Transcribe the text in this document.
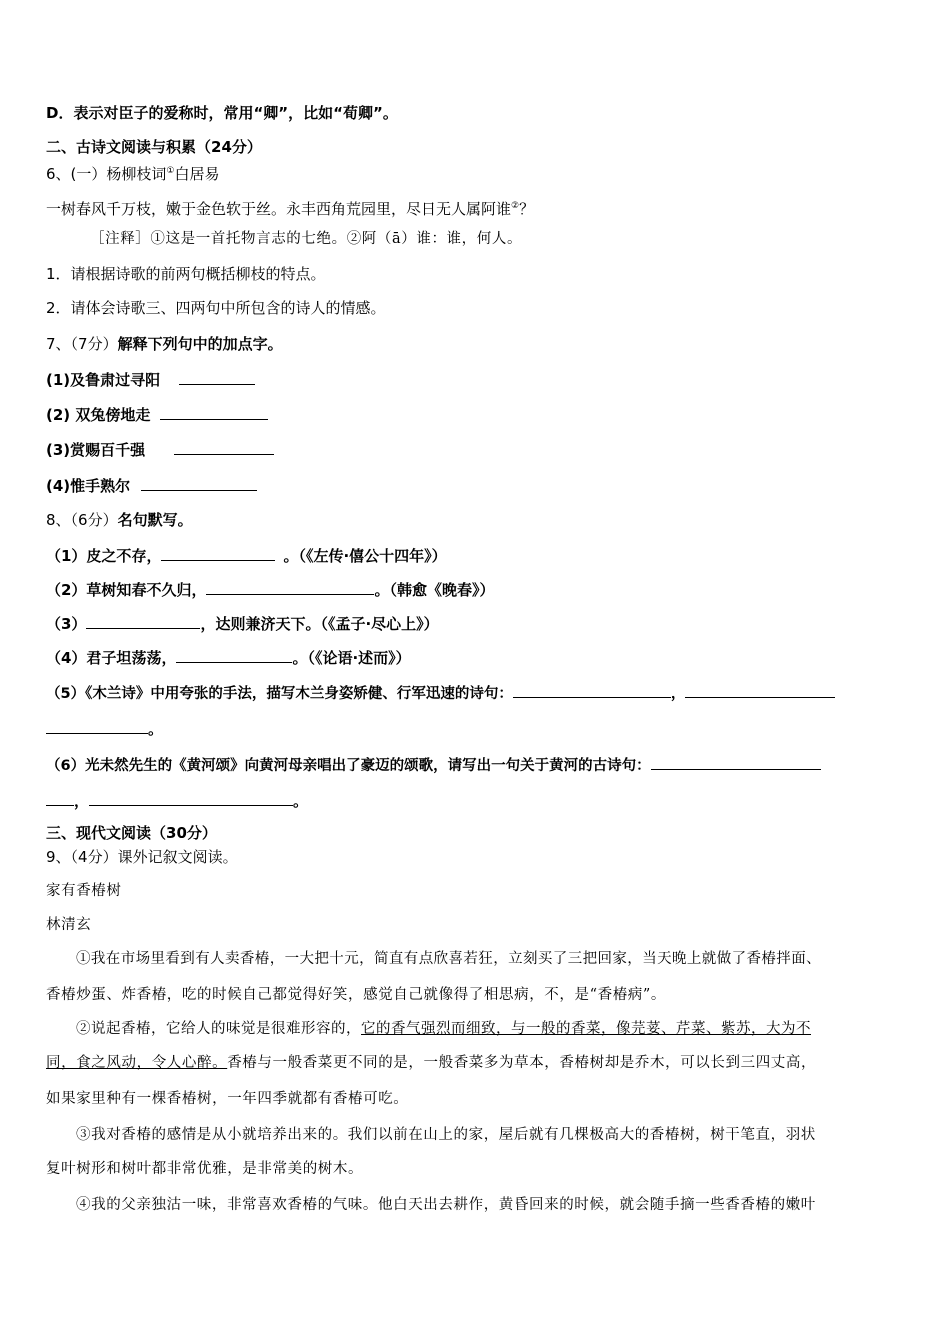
D．表示对臣子的爱称时，常用“卿”，比如“荀卿”。
二、古诗文阅读与积累（24分）
6、(一）杨柳枝词①白居易
一树春风千万枝，嫩于金色软于丝。永丰西角荒园里，尽日无人属阿谁②？
［注释］①这是一首托物言志的七绝。②阿（ā）谁：谁，何人。
1．请根据诗歌的前两句概括柳枝的特点。
2．请体会诗歌三、四两句中所包含的诗人的情感。
7、（7分）解释下列句中的加点字。
(1)及鲁肃过寻阳
(2) 双兔傍地走
(3)赏赐百千强
(4)惟手熟尔
8、（6分）名句默写。
（1）皮之不存，	。（《左传·僖公十四年》）
（2）草树知春不久归，	。（韩愈《晚春》）
（3）	，达则兼济天下。（《孟子·尽心上》）
（4）君子坦荡荡，	。（《论语·述而》）
（5）《木兰诗》中用夸张的手法，描写木兰身姿矫健、行军迅速的诗句：	，
。
（6）光未然先生的《黄河颂》向黄河母亲唱出了豪迈的颂歌，请写出一句关于黄河的古诗句：
，	。
三、现代文阅读（30分）
9、（4分）课外记叙文阅读。
家有香椿树
林清玄
①我在市场里看到有人卖香椿，一大把十元，简直有点欣喜若狂，立刻买了三把回家，当天晚上就做了香椿拌面、
香椿炒蛋、炸香椿，吃的时候自己都觉得好笑，感觉自己就像得了相思病，不，是“香椿病”。
②说起香椿，它给人的味觉是很难形容的，它的香气强烈而细致，与一般的香菜，像芫荽、芹菜、紫苏，大为不
同，食之风动，令人心醉。香椿与一般香菜更不同的是，一般香菜多为草本，香椿树却是乔木，可以长到三四丈高，
如果家里种有一棵香椿树，一年四季就都有香椿可吃。
③我对香椿的感情是从小就培养出来的。我们以前在山上的家，屋后就有几棵极高大的香椿树，树干笔直，羽状
复叶树形和树叶都非常优雅，是非常美的树木。
④我的父亲独沽一味，非常喜欢香椿的气味。他白天出去耕作，黄昏回来的时候，就会随手摘一些香香椿的嫩叶
